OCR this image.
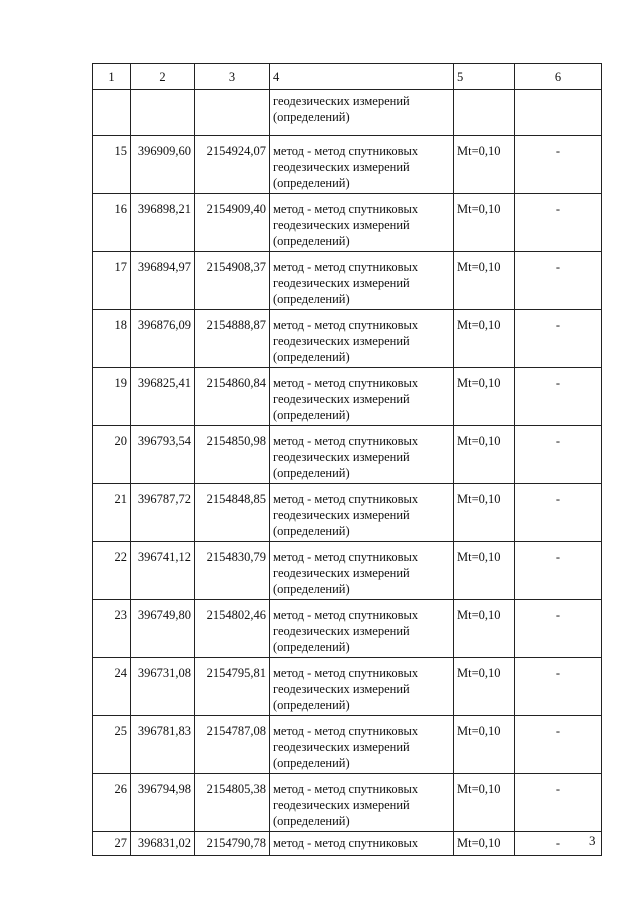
1	2	3	4	5	6

			геодезических измерений
(определений)		

15	396909,60	2154924,07	метод - метод спутниковых
геодезических измерений
(определений)	Mt=0,10	-
16	396898,21	2154909,40	метод - метод спутниковых
геодезических измерений
(определений)	Mt=0,10	-
17	396894,97	2154908,37	метод - метод спутниковых
геодезических измерений
(определений)	Mt=0,10	-
18	396876,09	2154888,87	метод - метод спутниковых
геодезических измерений
(определений)	Mt=0,10	-
19	396825,41	2154860,84	метод - метод спутниковых
геодезических измерений
(определений)	Mt=0,10	-
20	396793,54	2154850,98	метод - метод спутниковых
геодезических измерений
(определений)	Mt=0,10	-
21	396787,72	2154848,85	метод - метод спутниковых
геодезических измерений
(определений)	Mt=0,10	-
22	396741,12	2154830,79	метод - метод спутниковых
геодезических измерений
(определений)	Mt=0,10	-
23	396749,80	2154802,46	метод - метод спутниковых
геодезических измерений
(определений)	Mt=0,10	-
24	396731,08	2154795,81	метод - метод спутниковых
геодезических измерений
(определений)	Mt=0,10	-
25	396781,83	2154787,08	метод - метод спутниковых
геодезических измерений
(определений)	Mt=0,10	-
26	396794,98	2154805,38	метод - метод спутниковых
геодезических измерений
(определений)	Mt=0,10	-
27	396831,02	2154790,78	метод - метод спутниковых	Mt=0,10	- 3
